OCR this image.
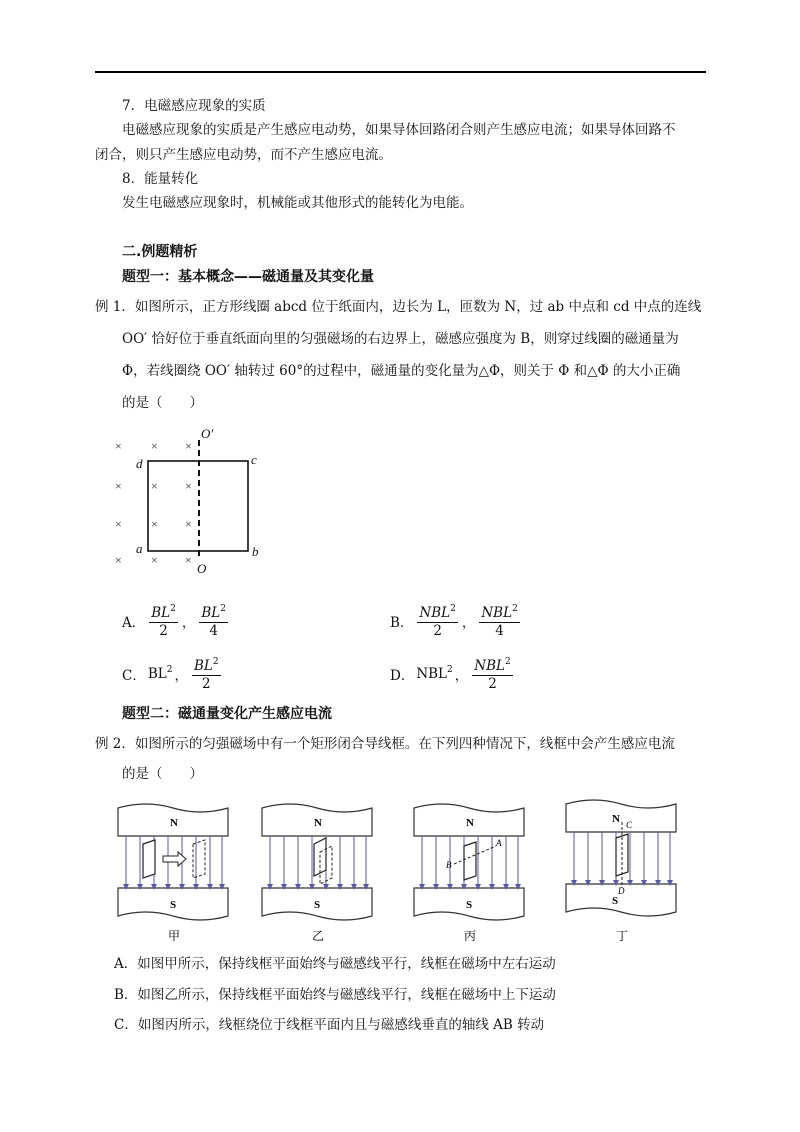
7．电磁感应现象的实质
电磁感应现象的实质是产生感应电动势，如果导体回路闭合则产生感应电流；如果导体回路不
闭合，则只产生感应电动势，而不产生感应电流。
8．能量转化
发生电磁感应现象时，机械能或其他形式的能转化为电能。
二.例题精析
题型一：基本概念——磁通量及其变化量
例 1．如图所示，正方形线圈 abcd 位于纸面内，边长为 L，匝数为 N，过 ab 中点和 cd 中点的连线
OO′ 恰好位于垂直纸面向里的匀强磁场的右边界上，磁感应强度为 B，则穿过线圈的磁通量为
Φ，若线圈绕 OO′ 轴转过 60°的过程中，磁通量的变化量为△Φ，则关于 Φ 和△Φ 的大小正确
的是（　　）
× × ×
× × ×
× × ×
× × ×
O′
O
a	b
c
d
A． $\frac{BL^2}{2}$ ， $\frac{BL^2}{4}$	B． $\frac{NBL^2}{2}$ ， $\frac{NBL^2}{4}$
C． $BL^2$ ， $\frac{BL^2}{2}$	D． NBL$^2$ ， $\frac{NBL^2}{2}$
题型二：磁通量变化产生感应电流
例 2．如图所示的匀强磁场中有一个矩形闭合导线框。在下列四种情况下，线框中会产生感应电流
的是（　　）
N
S
甲
N
S
乙
N
S
B
A
丙
N
S
C
D
丁
A．如图甲所示，保持线框平面始终与磁感线平行，线框在磁场中左右运动
B．如图乙所示，保持线框平面始终与磁感线平行，线框在磁场中上下运动
C．如图丙所示，线框绕位于线框平面内且与磁感线垂直的轴线 AB 转动
